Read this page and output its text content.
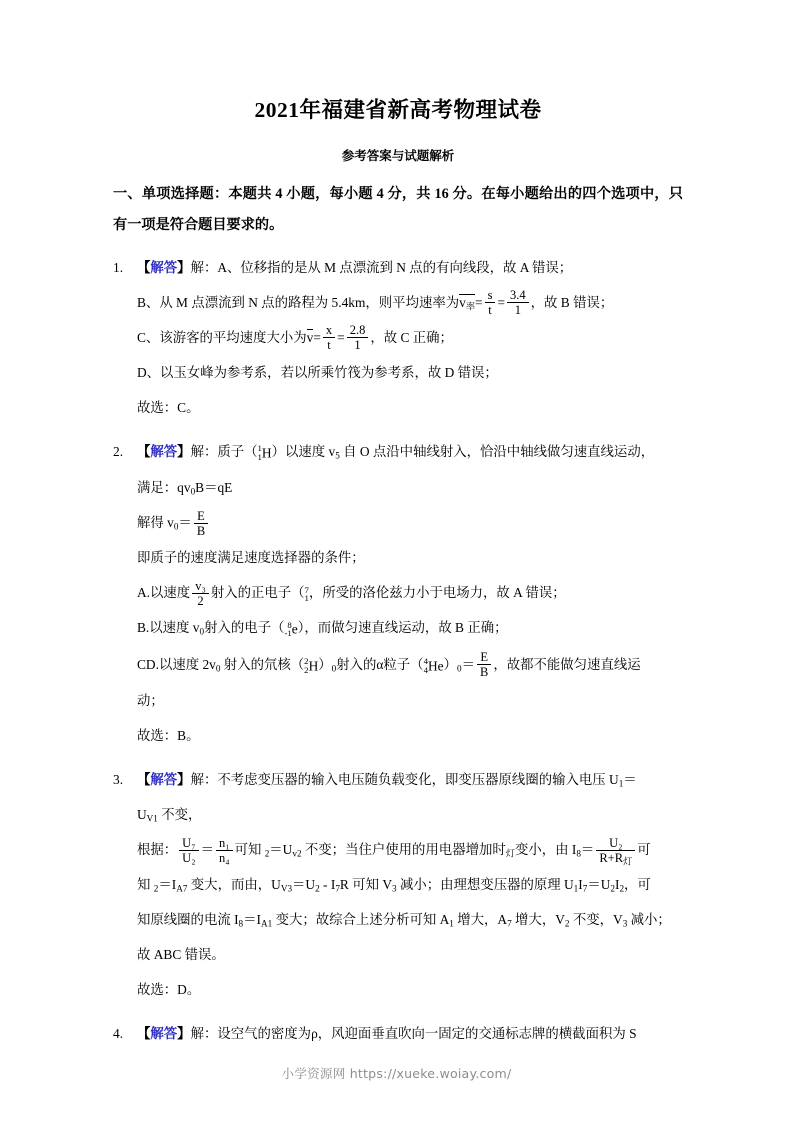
2021年福建省新高考物理试卷
参考答案与试题解析
一、单项选择题：本题共 4 小题，每小题 4 分，共 16 分。在每小题给出的四个选项中，只有一项是符合题目要求的。
1. 【解答】解：A、位移指的是从 M 点漂流到 N 点的有向线段，故 A 错误；
B、从 M 点漂流到 N 点的路程为 5.4km，则平均速率为$v_率= \frac{s}{t} = \frac{3.4}{1}$ ，故 B 错误；
C、该游客的平均速度大小为$v= \frac{x}{t} = \frac{2.8}{1}$ ，故 C 正确；
D、以玉女峰为参考系，若以所乘竹筏为参考系，故 D 错误；
故选：C。
2. 【解答】解：质子（ 1
1 H）以速度 $v_5$ 自 O 点沿中轴线射入，恰沿中轴线做匀速直线运动，
满足：$qv_0B=qE$
解得 $v_0= \frac{E}{B}$
即质子的速度满足速度选择器的条件；
A.以速度 $\frac{\text{v₃}}{2}$ 射入的正电子（ 7
1 ，所受的洛伦兹力小于电场力，故 A 错误；
B.以速度 $v_0$射入的电子（ 8
-1 e），而做匀速直线运动，故 B 正确；
CD.以速度 $2v_0$ 射入的氘核（ 2
2 $H)_0$射入的α粒子（ 4
4 $He)_0= \frac{E}{B}$ ，故都不能做匀速直线运
动；
故选：B。
3. 【解答】解：不考虑变压器的输入电压随负载变化，即变压器原线圈的输入电压 $U_1=$
$U_{V1}$ 不变，
根据： $\frac{\text{U₇}}{\text{U₂}} = \frac{\text{n₁}}{\text{n₄}}$ 可知 $_2=U_{v2}$ 不变；当住户使用的用电器增加时$_灯$变小，由 $I_8= \frac{\text{U₂}}{R+R_灯}$ 可
知 $_2=I_{A7}$ 变大，而由，$U_{V3}=U_2 - I_7R$ 可知 $V_3$ 减小；由理想变压器的原理 $U_1I_7=U_2I_2$，可
知原线圈的电流 $I_8=I_{A1}$ 变大；故综合上述分析可知 $A_1$ 增大，$A_7$ 增大，$V_2$ 不变，$V_3$ 减小；
故 ABC 错误。
故选：D。
4. 【解答】解：设空气的密度为ρ，风迎面垂直吹向一固定的交通标志牌的横截面积为 S
小学资源网 https://xueke.woiay.com/
